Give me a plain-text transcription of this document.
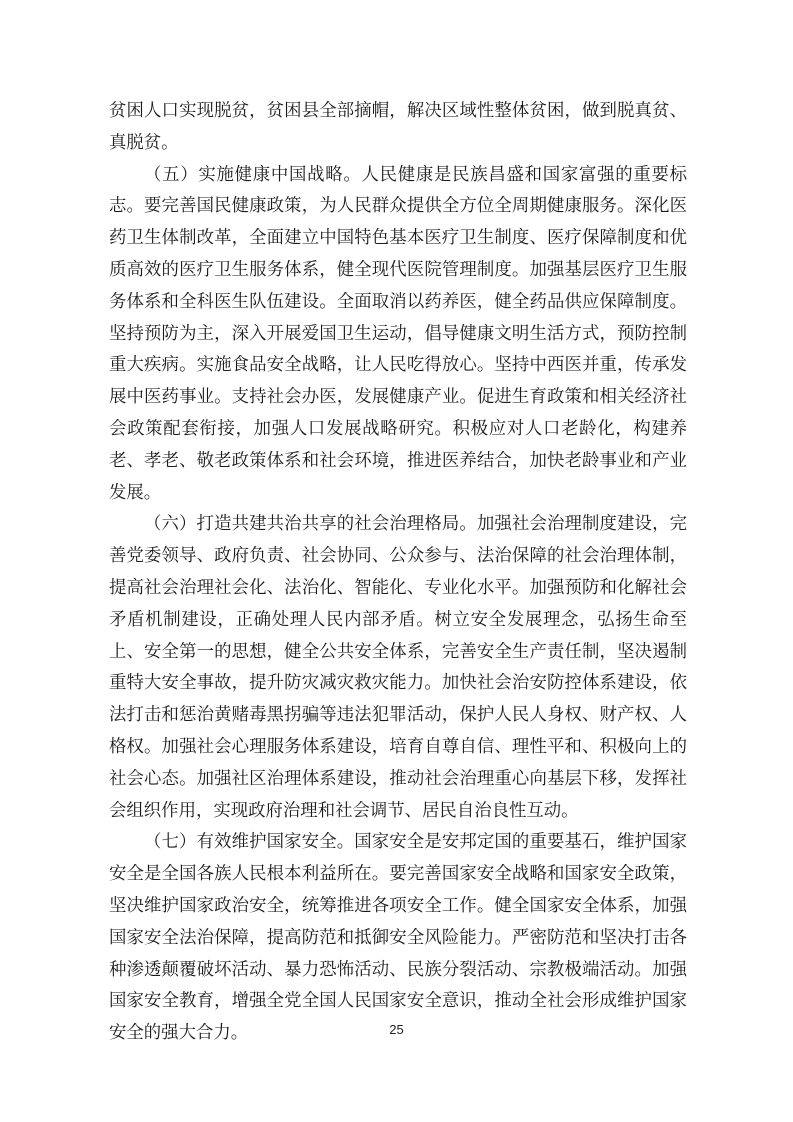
贫困人口实现脱贫，贫困县全部摘帽，解决区域性整体贫困，做到脱真贫、真脱贫。

（五）实施健康中国战略。人民健康是民族昌盛和国家富强的重要标志。要完善国民健康政策，为人民群众提供全方位全周期健康服务。深化医药卫生体制改革，全面建立中国特色基本医疗卫生制度、医疗保障制度和优质高效的医疗卫生服务体系，健全现代医院管理制度。加强基层医疗卫生服务体系和全科医生队伍建设。全面取消以药养医，健全药品供应保障制度。坚持预防为主，深入开展爱国卫生运动，倡导健康文明生活方式，预防控制重大疾病。实施食品安全战略，让人民吃得放心。坚持中西医并重，传承发展中医药事业。支持社会办医，发展健康产业。促进生育政策和相关经济社会政策配套衔接，加强人口发展战略研究。积极应对人口老龄化，构建养老、孝老、敬老政策体系和社会环境，推进医养结合，加快老龄事业和产业发展。

（六）打造共建共治共享的社会治理格局。加强社会治理制度建设，完善党委领导、政府负责、社会协同、公众参与、法治保障的社会治理体制，提高社会治理社会化、法治化、智能化、专业化水平。加强预防和化解社会矛盾机制建设，正确处理人民内部矛盾。树立安全发展理念，弘扬生命至上、安全第一的思想，健全公共安全体系，完善安全生产责任制，坚决遏制重特大安全事故，提升防灾减灾救灾能力。加快社会治安防控体系建设，依法打击和惩治黄赌毒黑拐骗等违法犯罪活动，保护人民人身权、财产权、人格权。加强社会心理服务体系建设，培育自尊自信、理性平和、积极向上的社会心态。加强社区治理体系建设，推动社会治理重心向基层下移，发挥社会组织作用，实现政府治理和社会调节、居民自治良性互动。

（七）有效维护国家安全。国家安全是安邦定国的重要基石，维护国家安全是全国各族人民根本利益所在。要完善国家安全战略和国家安全政策，坚决维护国家政治安全，统筹推进各项安全工作。健全国家安全体系，加强国家安全法治保障，提高防范和抵御安全风险能力。严密防范和坚决打击各种渗透颠覆破坏活动、暴力恐怖活动、民族分裂活动、宗教极端活动。加强国家安全教育，增强全党全国人民国家安全意识，推动全社会形成维护国家安全的强大合力。	25
